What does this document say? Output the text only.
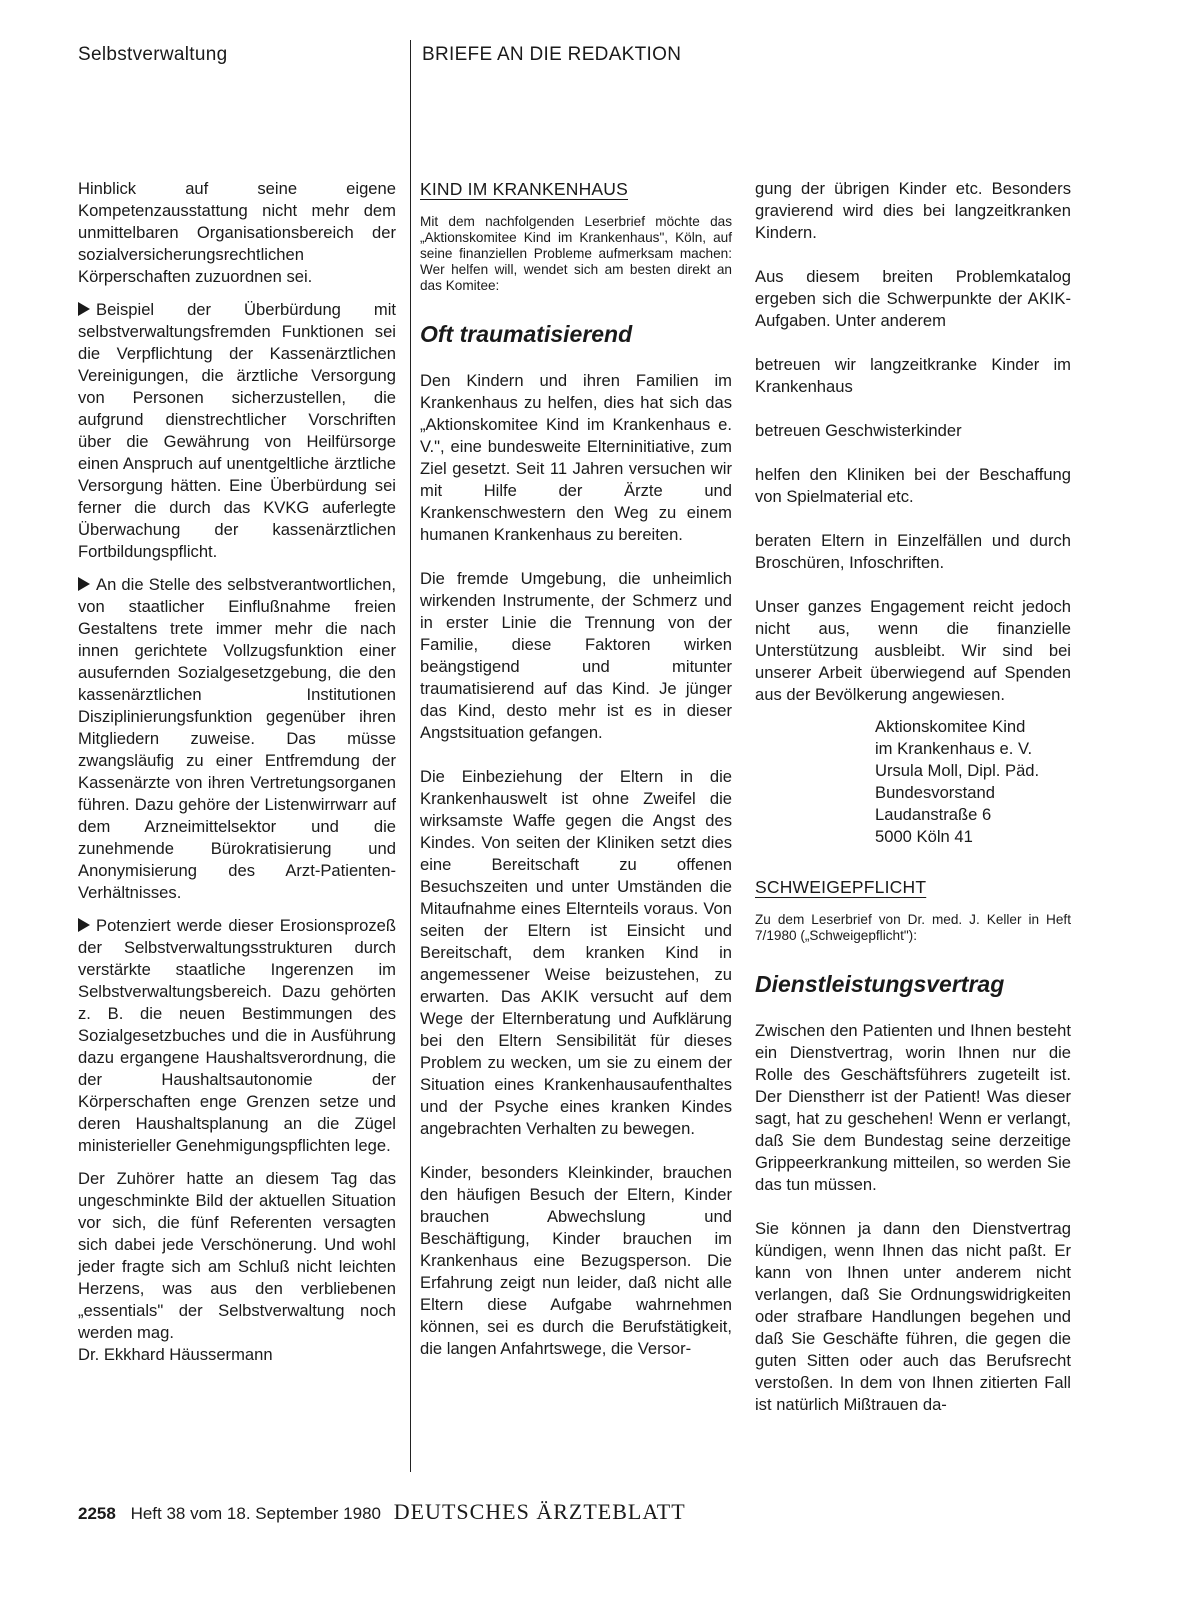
Selbstverwaltung	BRIEFE AN DIE REDAKTION

Hinblick auf seine eigene Kompetenzausstattung nicht mehr dem unmittelbaren Organisationsbereich der sozialversicherungsrechtlichen Körperschaften zuzuordnen sei.

Beispiel der Überbürdung mit selbstverwaltungsfremden Funktionen sei die Verpflichtung der Kassenärztlichen Vereinigungen, die ärztliche Versorgung von Personen sicherzustellen, die aufgrund dienstrechtlicher Vorschriften über die Gewährung von Heilfürsorge einen Anspruch auf unentgeltliche ärztliche Versorgung hätten. Eine Überbürdung sei ferner die durch das KVKG auferlegte Überwachung der kassenärztlichen Fortbildungspflicht.

An die Stelle des selbstverantwortlichen, von staatlicher Einflußnahme freien Gestaltens trete immer mehr die nach innen gerichtete Vollzugsfunktion einer ausufernden Sozialgesetzgebung, die den kassenärztlichen Institutionen Disziplinierungsfunktion gegenüber ihren Mitgliedern zuweise. Das müsse zwangsläufig zu einer Entfremdung der Kassenärzte von ihren Vertretungsorganen führen. Dazu gehöre der Listenwirrwarr auf dem Arzneimittelsektor und die zunehmende Bürokratisierung und Anonymisierung des Arzt-Patienten-Verhältnisses.

Potenziert werde dieser Erosionsprozeß der Selbstverwaltungsstrukturen durch verstärkte staatliche Ingerenzen im Selbstverwaltungsbereich. Dazu gehörten z. B. die neuen Bestimmungen des Sozialgesetzbuches und die in Ausführung dazu ergangene Haushaltsverordnung, die der Haushaltsautonomie der Körperschaften enge Grenzen setze und deren Haushaltsplanung an die Zügel ministerieller Genehmigungspflichten lege.

Der Zuhörer hatte an diesem Tag das ungeschminkte Bild der aktuellen Situation vor sich, die fünf Referenten versagten sich dabei jede Verschönerung. Und wohl jeder fragte sich am Schluß nicht leichten Herzens, was aus den verbliebenen „essentials" der Selbstverwaltung noch werden mag.

Dr. Ekkhard Häussermann

KIND IM KRANKENHAUS
Mit dem nachfolgenden Leserbrief möchte das „Aktionskomitee Kind im Krankenhaus", Köln, auf seine finanziellen Probleme aufmerksam machen: Wer helfen will, wendet sich am besten direkt an das Komitee:
Oft traumatisierend

Den Kindern und ihren Familien im Krankenhaus zu helfen, dies hat sich das „Aktionskomitee Kind im Krankenhaus e. V.", eine bundesweite Elterninitiative, zum Ziel gesetzt. Seit 11 Jahren versuchen wir mit Hilfe der Ärzte und Krankenschwestern den Weg zu einem humanen Krankenhaus zu bereiten.

Die fremde Umgebung, die unheimlich wirkenden Instrumente, der Schmerz und in erster Linie die Trennung von der Familie, diese Faktoren wirken beängstigend und mitunter traumatisierend auf das Kind. Je jünger das Kind, desto mehr ist es in dieser Angstsituation gefangen.

Die Einbeziehung der Eltern in die Krankenhauswelt ist ohne Zweifel die wirksamste Waffe gegen die Angst des Kindes. Von seiten der Kliniken setzt dies eine Bereitschaft zu offenen Besuchszeiten und unter Umständen die Mitaufnahme eines Elternteils voraus. Von seiten der Eltern ist Einsicht und Bereitschaft, dem kranken Kind in angemessener Weise beizustehen, zu erwarten. Das AKIK versucht auf dem Wege der Elternberatung und Aufklärung bei den Eltern Sensibilität für dieses Problem zu wecken, um sie zu einem der Situation eines Krankenhausaufenthaltes und der Psyche eines kranken Kindes angebrachten Verhalten zu bewegen.

Kinder, besonders Kleinkinder, brauchen den häufigen Besuch der Eltern, Kinder brauchen Abwechslung und Beschäftigung, Kinder brauchen im Krankenhaus eine Bezugsperson. Die Erfahrung zeigt nun leider, daß nicht alle Eltern diese Aufgabe wahrnehmen können, sei es durch die Berufstätigkeit, die langen Anfahrtswege, die Versor-

gung der übrigen Kinder etc. Besonders gravierend wird dies bei langzeitkranken Kindern.

Aus diesem breiten Problemkatalog ergeben sich die Schwerpunkte der AKIK-Aufgaben. Unter anderem

betreuen wir langzeitkranke Kinder im Krankenhaus

betreuen Geschwisterkinder

helfen den Kliniken bei der Beschaffung von Spielmaterial etc.

beraten Eltern in Einzelfällen und durch Broschüren, Infoschriften.

Unser ganzes Engagement reicht jedoch nicht aus, wenn die finanzielle Unterstützung ausbleibt. Wir sind bei unserer Arbeit überwiegend auf Spenden aus der Bevölkerung angewiesen.

Aktionskomitee Kind
im Krankenhaus e. V.
Ursula Moll, Dipl. Päd.
Bundesvorstand
Laudanstraße 6
5000 Köln 41
SCHWEIGEPFLICHT
Zu dem Leserbrief von Dr. med. J. Keller in Heft 7/1980 („Schweigepflicht"):
Dienstleistungsvertrag

Zwischen den Patienten und Ihnen besteht ein Dienstvertrag, worin Ihnen nur die Rolle des Geschäftsführers zugeteilt ist. Der Dienstherr ist der Patient! Was dieser sagt, hat zu geschehen! Wenn er verlangt, daß Sie dem Bundestag seine derzeitige Grippeerkrankung mitteilen, so werden Sie das tun müssen.

Sie können ja dann den Dienstvertrag kündigen, wenn Ihnen das nicht paßt. Er kann von Ihnen unter anderem nicht verlangen, daß Sie Ordnungswidrigkeiten oder strafbare Handlungen begehen und daß Sie Geschäfte führen, die gegen die guten Sitten oder auch das Berufsrecht verstoßen. In dem von Ihnen zitierten Fall ist natürlich Mißtrauen da-

2258 Heft 38 vom 18. September 1980 DEUTSCHES ÄRZTEBLATT
